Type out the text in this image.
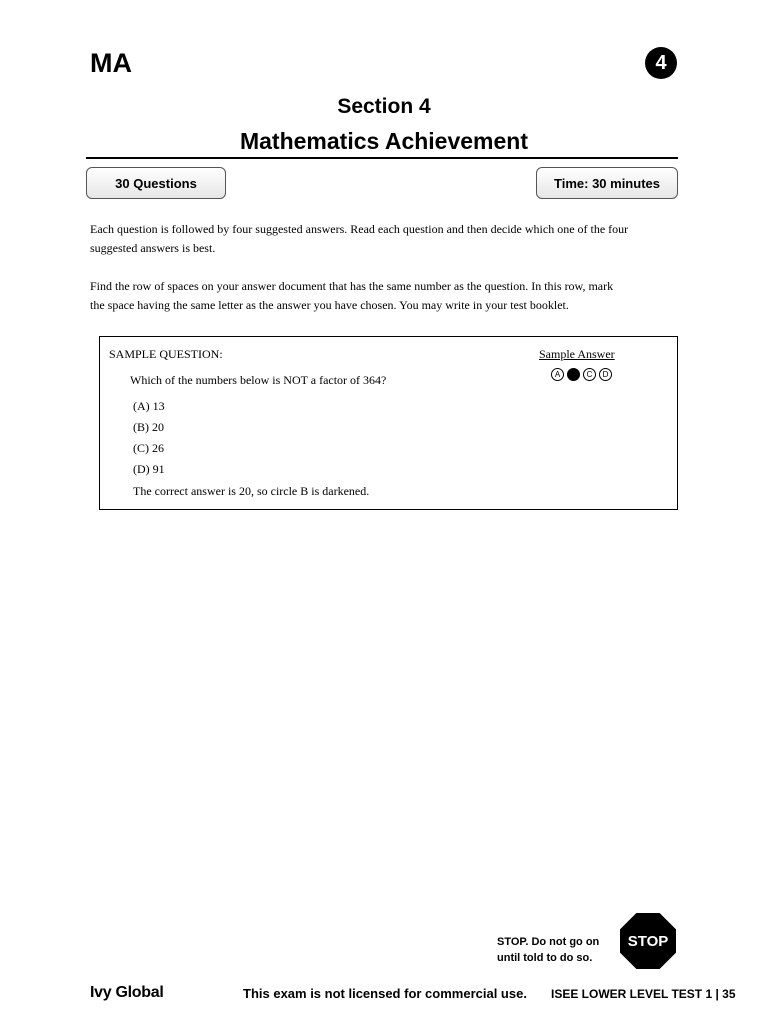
MA	4
Section 4
Mathematics Achievement
30 Questions	Time: 30 minutes
Each question is followed by four suggested answers. Read each question and then decide which one of the four
suggested answers is best.
Find the row of spaces on your answer document that has the same number as the question. In this row, mark
the space having the same letter as the answer you have chosen. You may write in your test booklet.
SAMPLE QUESTION:
Which of the numbers below is NOT a factor of 364?
(A) 13
(B) 20
(C) 26
(D) 91
The correct answer is 20, so circle B is darkened.
Sample Answer
A	B	C	D
STOP. Do not go on
until told to do so.
STOP
Ivy Global	This exam is not licensed for commercial use. ISEE LOWER LEVEL TEST 1 | 35
